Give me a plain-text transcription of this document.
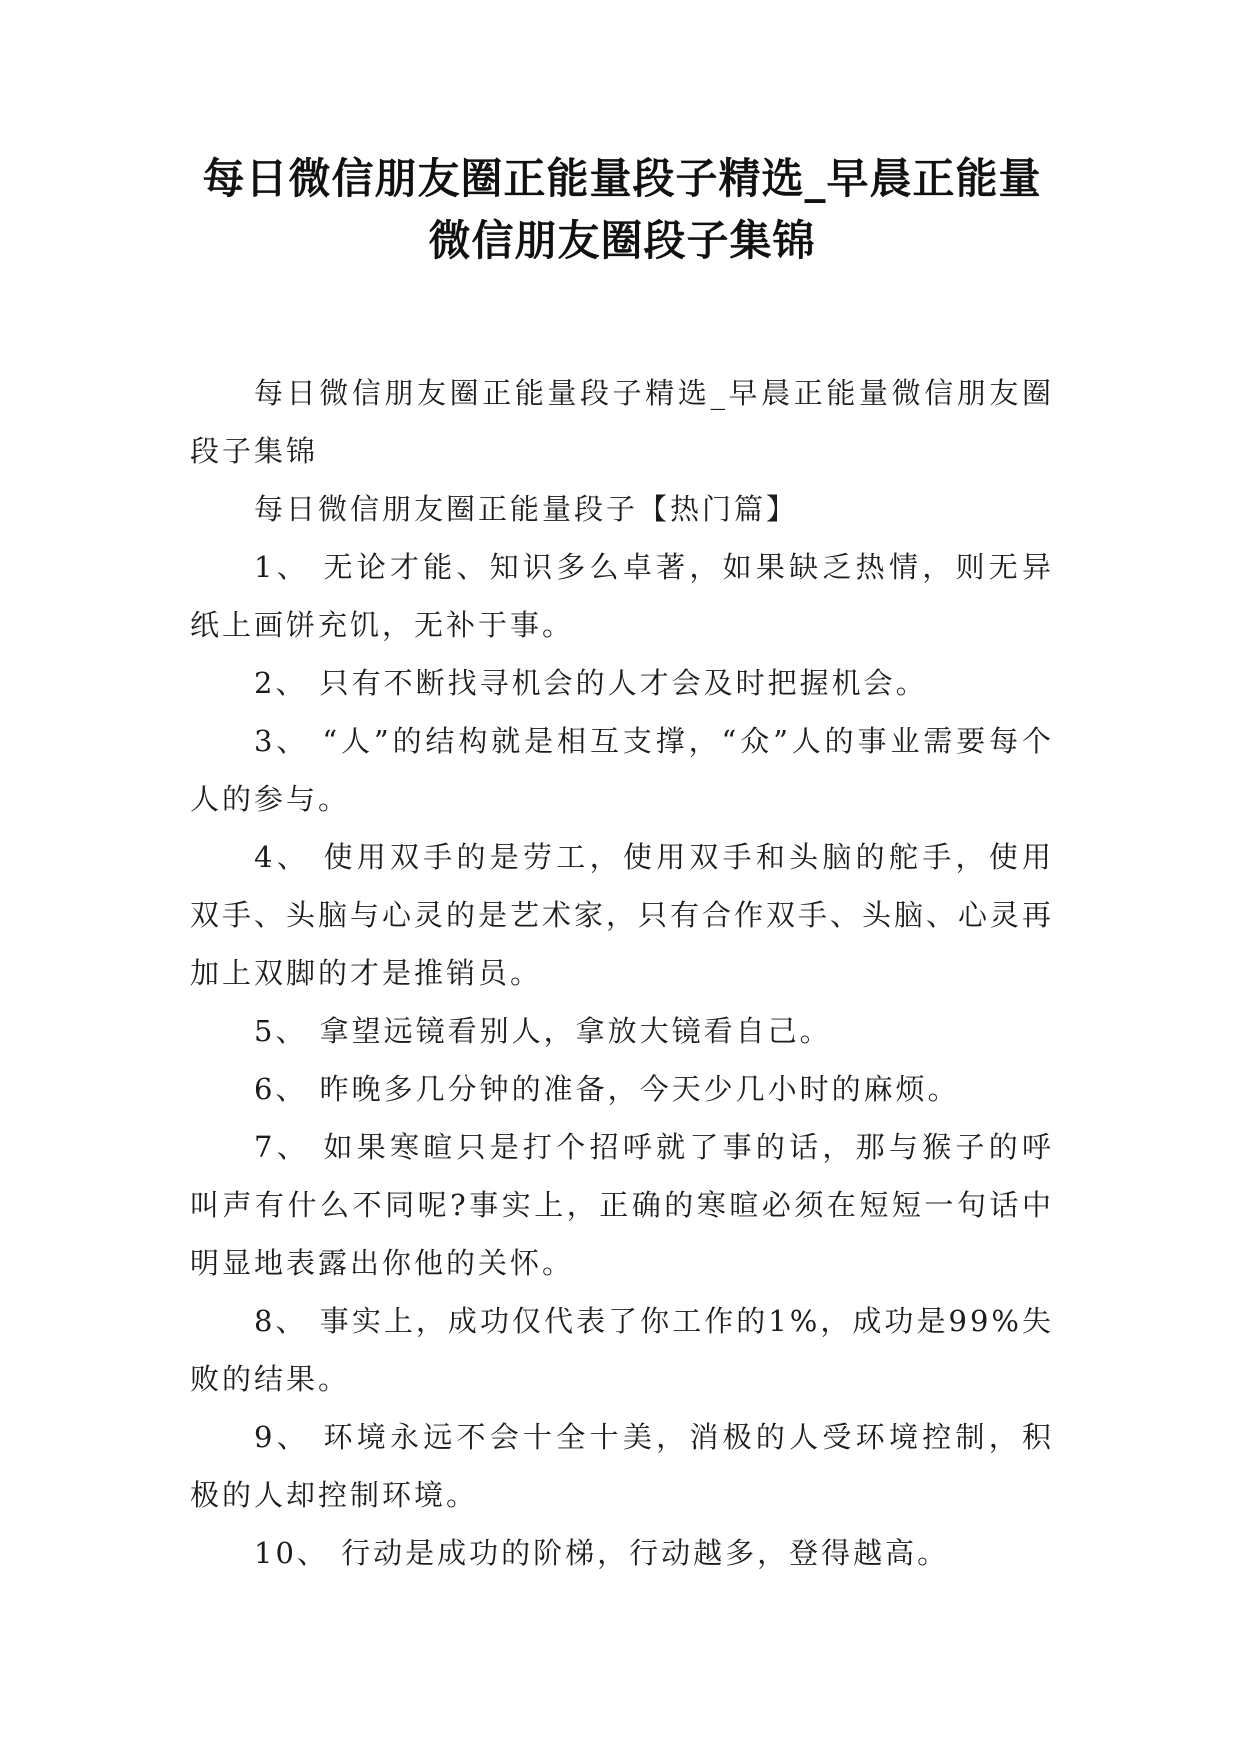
每日微信朋友圈正能量段子精选_早晨正能量微信朋友圈段子集锦

每日微信朋友圈正能量段子精选_早晨正能量微信朋友圈段子集锦

每日微信朋友圈正能量段子【热门篇】

1、 无论才能、知识多么卓著，如果缺乏热情，则无异纸上画饼充饥，无补于事。

2、 只有不断找寻机会的人才会及时把握机会。

3、 “人”的结构就是相互支撑，“众”人的事业需要每个人的参与。

4、 使用双手的是劳工，使用双手和头脑的舵手，使用双手、头脑与心灵的是艺术家，只有合作双手、头脑、心灵再加上双脚的才是推销员。

5、 拿望远镜看别人，拿放大镜看自己。

6、 昨晚多几分钟的准备，今天少几小时的麻烦。

7、 如果寒暄只是打个招呼就了事的话，那与猴子的呼叫声有什么不同呢?事实上，正确的寒暄必须在短短一句话中明显地表露出你他的关怀。

8、 事实上，成功仅代表了你工作的1%，成功是99%失败的结果。

9、 环境永远不会十全十美，消极的人受环境控制，积极的人却控制环境。

10、 行动是成功的阶梯，行动越多，登得越高。
